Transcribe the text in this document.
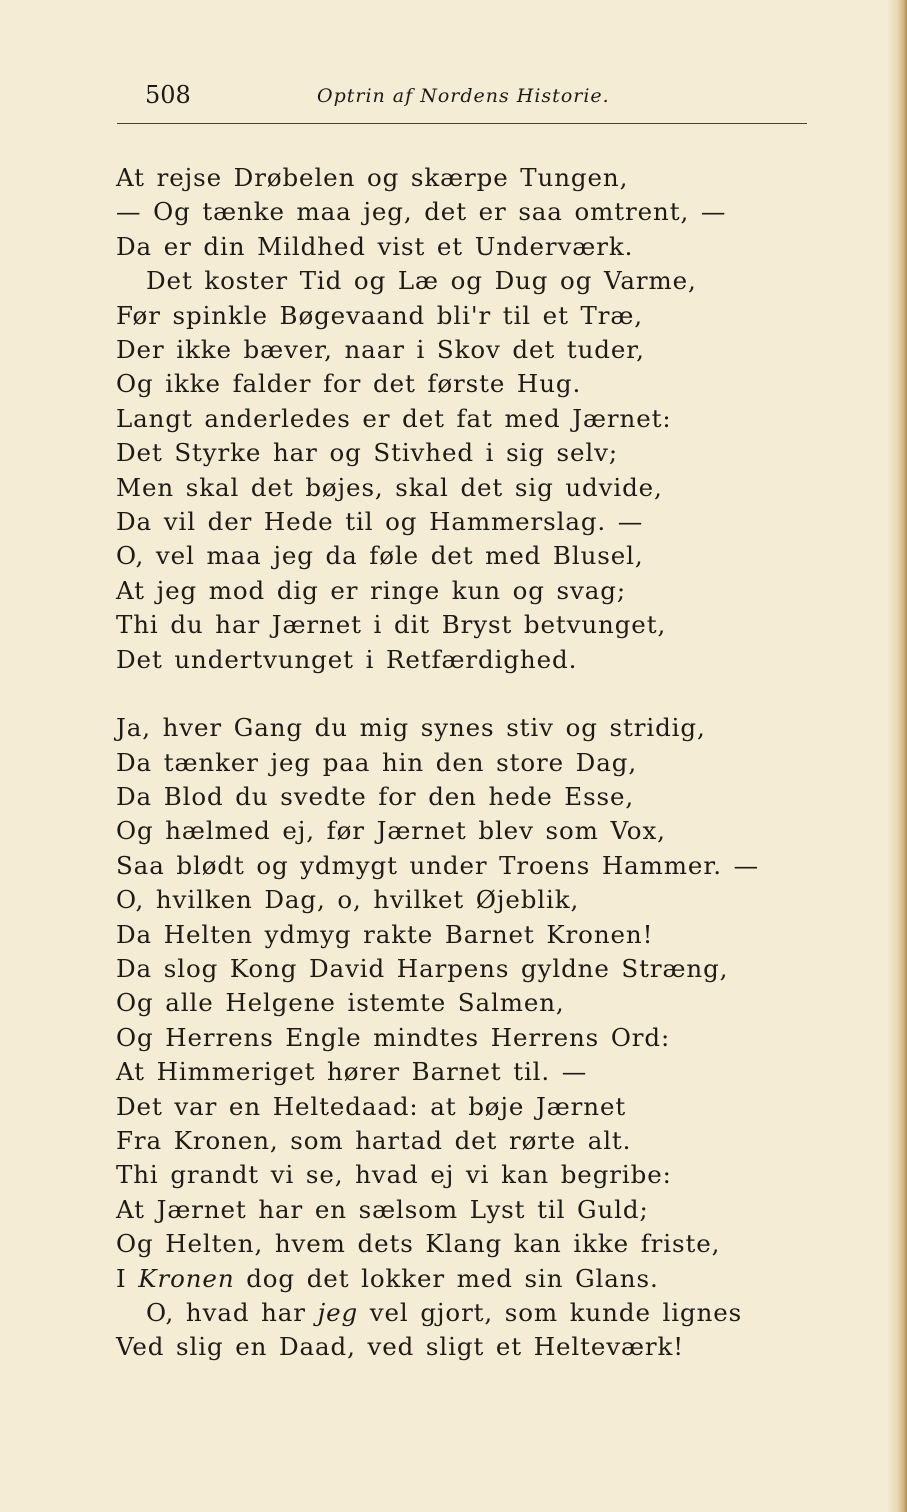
508	Optrin af Nordens Historie.
At rejse Drøbelen og skærpe Tungen,
— Og tænke maa jeg, det er saa omtrent, —
Da er din Mildhed vist et Underværk.
Det koster Tid og Læ og Dug og Varme,
Før spinkle Bøgevaand bli'r til et Træ,
Der ikke bæver, naar i Skov det tuder,
Og ikke falder for det første Hug.
Langt anderledes er det fat med Jærnet:
Det Styrke har og Stivhed i sig selv;
Men skal det bøjes, skal det sig udvide,
Da vil der Hede til og Hammerslag. —
O, vel maa jeg da føle det med Blusel,
At jeg mod dig er ringe kun og svag;
Thi du har Jærnet i dit Bryst betvunget,
Det undertvunget i Retfærdighed.
Ja, hver Gang du mig synes stiv og stridig,
Da tænker jeg paa hin den store Dag,
Da Blod du svedte for den hede Esse,
Og hælmed ej, før Jærnet blev som Vox,
Saa blødt og ydmygt under Troens Hammer. —
O, hvilken Dag, o, hvilket Øjeblik,
Da Helten ydmyg rakte Barnet Kronen!
Da slog Kong David Harpens gyldne Stræng,
Og alle Helgene istemte Salmen,
Og Herrens Engle mindtes Herrens Ord:
At Himmeriget hører Barnet til. —
Det var en Heltedaad: at bøje Jærnet
Fra Kronen, som hartad det rørte alt.
Thi grandt vi se, hvad ej vi kan begribe:
At Jærnet har en sælsom Lyst til Guld;
Og Helten, hvem dets Klang kan ikke friste,
I Kronen dog det lokker med sin Glans.
O, hvad har jeg vel gjort, som kunde lignes
Ved slig en Daad, ved sligt et Helteværk!
